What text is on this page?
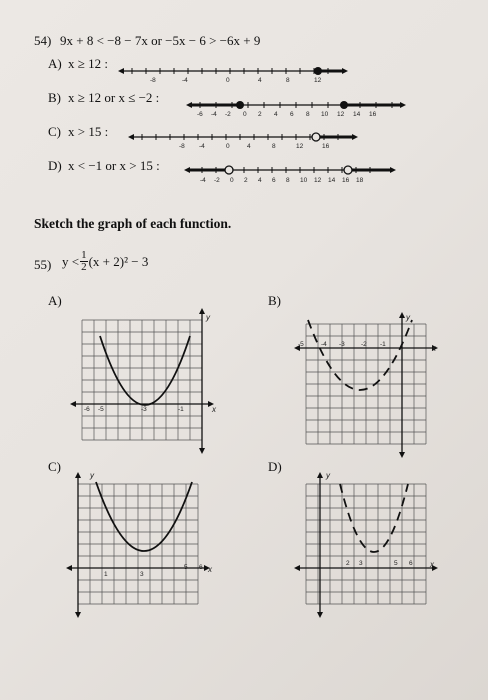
54) 9x + 8 < −8 − 7x or −5x − 6 > −6x + 9
A) x ≥ 12 :
-8	-4	0	4	8	12
B) x ≥ 12 or x ≤ −2 :
-6 -4 -2 0 2 4 6 8 10 12 14 16
C) x > 15 :
-8 -4	0	4	8	12	16
D) x < −1 or x > 15 :
-4 -2 0 2 4 6 8 10 12 14 16 18
Sketch the graph of each function.
55) $y < \frac{1}{2} (x + 2)^2 - 3$
A)	B)
C)	D)
y
x
-6 -5	-3	-1
y
x
-5	-4 -3 -2 -1
y
x
1	3
5 6
y
x
2 3	5 6
